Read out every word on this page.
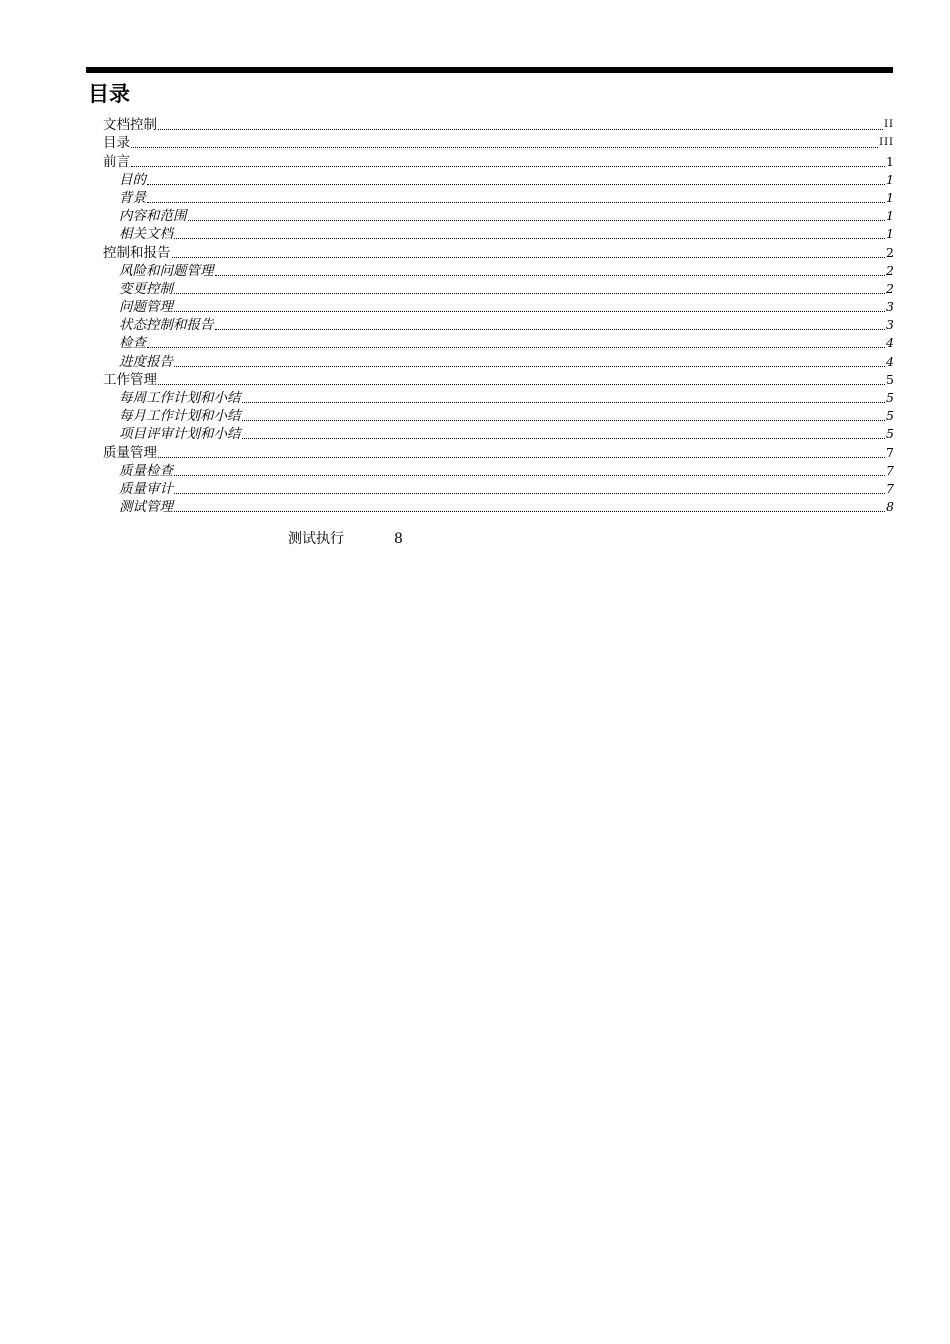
目录
文档控制	II
目录	III
前言	1
目的	1
背景	1
内容和范围	1
相关文档	1
控制和报告	2
风险和问题管理	2
变更控制	2
问题管理	3
状态控制和报告	3
检查	4
进度报告	4
工作管理	5
每周工作计划和小结	5
每月工作计划和小结	5
项目评审计划和小结	5
质量管理	7
质量检查	7
质量审计	7
测试管理	8
测试执行	8
